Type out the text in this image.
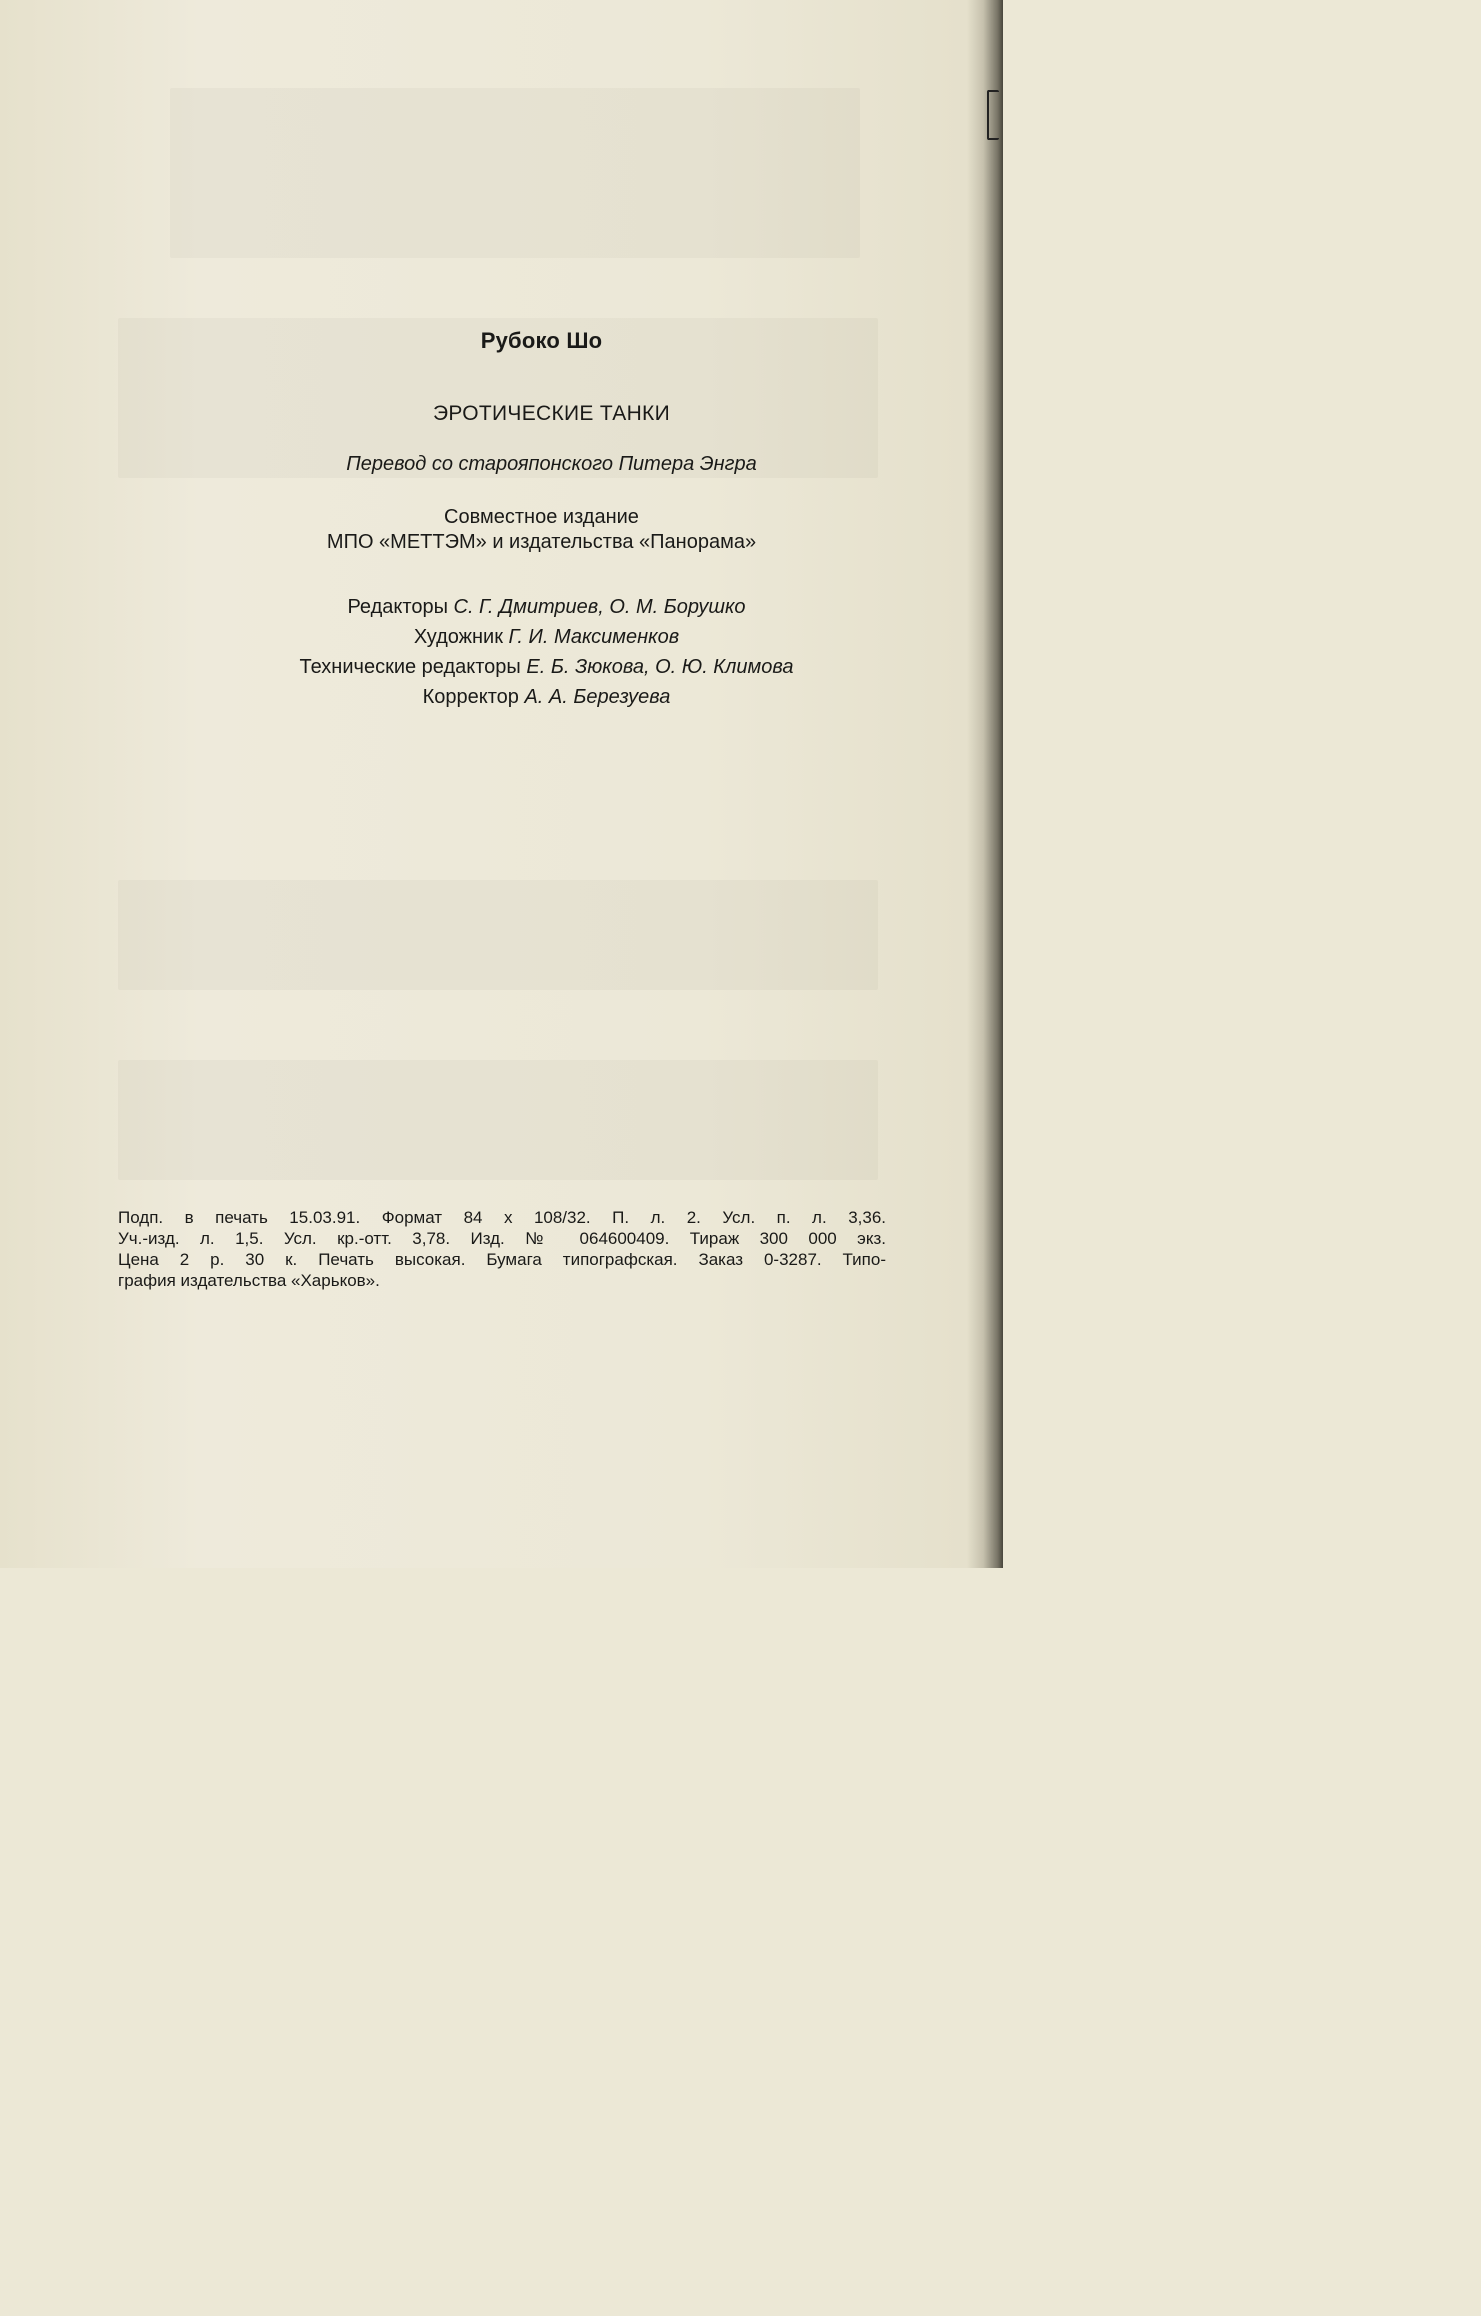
Рубоко Шо
ЭРОТИЧЕСКИЕ ТАНКИ
Перевод со старояпонского Питера Энгра
Совместное издание
МПО «МЕТТЭМ» и издательства «Панорама»
Редакторы С. Г. Дмитриев, О. М. Борушко
Художник Г. И. Максименков
Технические редакторы Е. Б. Зюкова, О. Ю. Климова
Корректор А. А. Березуева
Подп. в печать 15.03.91. Формат 84 x 108/32. П. л. 2. Усл. п. л. 3,36.
Уч.-изд. л. 1,5. Усл. кр.-отт. 3,78. Изд. № 064600409. Тираж 300 000 экз.
Цена 2 р. 30 к. Печать высокая. Бумага типографская. Заказ 0-3287. Типо-
графия издательства «Харьков».
